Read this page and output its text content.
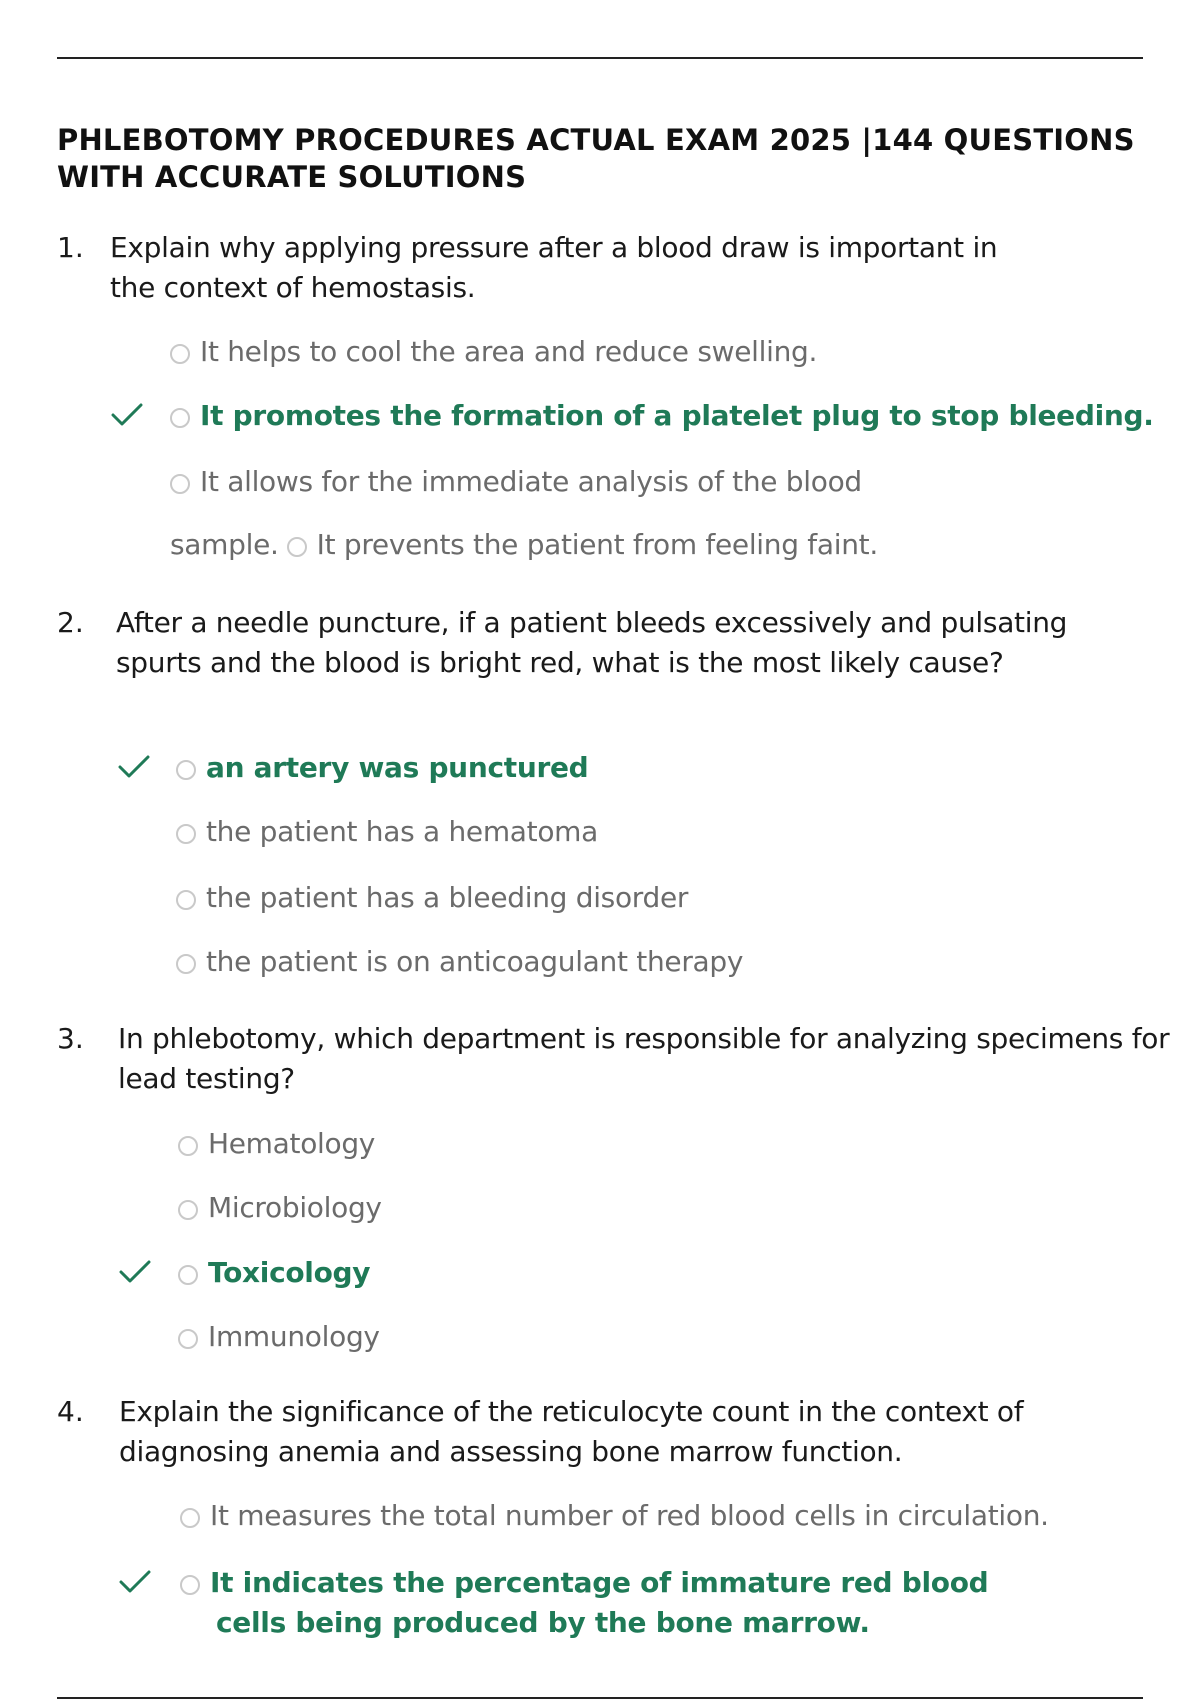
PHLEBOTOMY PROCEDURES ACTUAL EXAM 2025 |144 QUESTIONS WITH ACCURATE SOLUTIONS
1. Explain why applying pressure after a blood draw is important in the context of hemostasis.
It helps to cool the area and reduce swelling.
It promotes the formation of a platelet plug to stop bleeding.
It allows for the immediate analysis of the blood
sample. It prevents the patient from feeling faint.
2. After a needle puncture, if a patient bleeds excessively and pulsating spurts and the blood is bright red, what is the most likely cause?
an artery was punctured
the patient has a hematoma
the patient has a bleeding disorder
the patient is on anticoagulant therapy
3. In phlebotomy, which department is responsible for analyzing specimens for lead testing?
Hematology
Microbiology
Toxicology
Immunology
4. Explain the significance of the reticulocyte count in the context of diagnosing anemia and assessing bone marrow function.
It measures the total number of red blood cells in circulation.
It indicates the percentage of immature red blood cells being produced by the bone marrow.
